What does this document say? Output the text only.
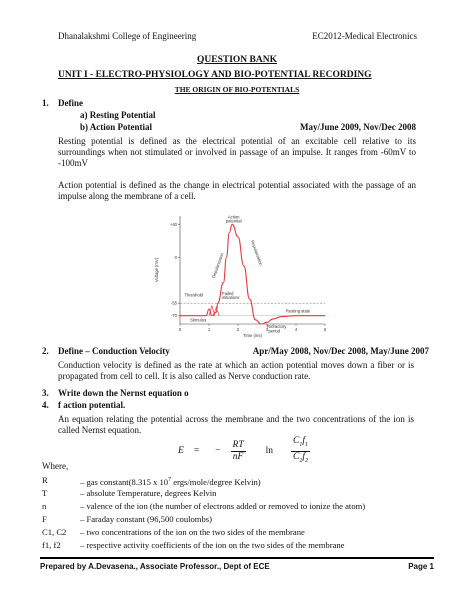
Dhanalakshmi College of Engineering	EC2012-Medical Electronics
QUESTION BANK
UNIT I - ELECTRO-PHYSIOLOGY AND BIO-POTENTIAL RECORDING
THE ORIGIN OF BIO-POTENTIALS
1. Define
a) Resting Potential
b) Action Potential	May/June 2009, Nov/Dec 2008
Resting potential is defined as the electrical potential of an excitable cell relative to its surroundings when not stimulated or involved in passage of an impulse. It ranges from -60mV to -100mV
Action potential is defined as the change in electrical potential associated with the passage of an impulse along the membrane of a cell.
+40
0
-55
-70
0	1	2	3	4	5
Time (ms)
Voltage (mV)
Action
potential
Depolarization	Repolarization
Threshold	Failed
initiations
Stimulus
Resting state
Refractory
period
2. Define – Conduction Velocity	Apr/May 2008, Nov/Dec 2008, May/June 2007
Conduction velocity is defined as the rate at which an action potential moves down a fiber or is propagated from cell to cell. It is also called as Nerve conduction rate.
3. Write down the Nernst equation o
4. f action potential.
An equation relating the potential across the membrane and the two concentrations of the ion is called Nernst equation.
E = − $\frac{RT}{nF}$ $\ln \frac{C_1f_1}{C_2f_2}$
Where,
R	– gas constant(8.315 x $10^7$ ergs/mole/degree Kelvin)
T	– absolute Temperature, degrees Kelvin
n	– valence of the ion (the number of electrons added or removed to ionize the atom)
F	– Faraday constant (96,500 coulombs)
C1, C2	– two concentrations of the ion on the two sides of the membrane
f1, f2	– respective activity coefficients of the ion on the two sides of the membrane
Prepared by A.Devasena., Associate Professor., Dept of ECE	Page 1
